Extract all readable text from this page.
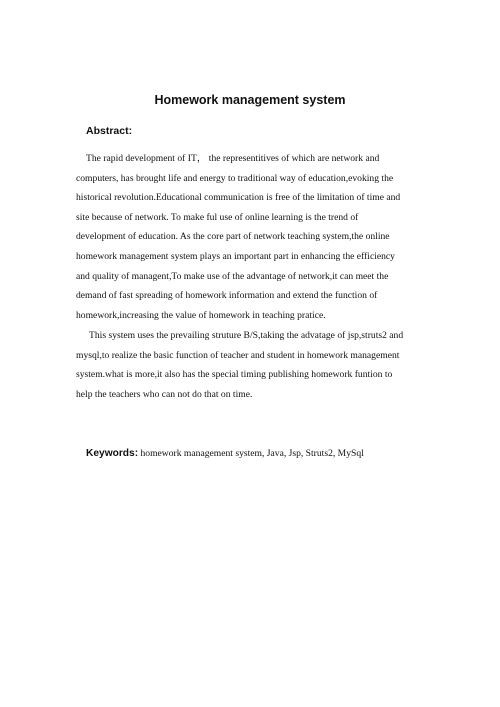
Homework management system
Abstract:
The rapid development of IT， the representitives of which are network and
computers, has brought life and energy to traditional way of education,evoking the
historical revolution.Educational communication is free of the limitation of time and
site because of network. To make ful use of online learning is the trend of
development of education. As the core part of network teaching system,the online
homework management system plays an important part in enhancing the efficiency
and quality of managent,To make use of the advantage of network,it can meet the
demand of fast spreading of homework information and extend the function of
homework,increasing the value of homework in teaching pratice.
This system uses the prevailing struture B/S,taking the advatage of jsp,struts2 and
mysql,to realize the basic function of teacher and student in homework management
system.what is more,it also has the special timing publishing homework funtion to
help the teachers who can not do that on time.
Keywords: homework management system, Java, Jsp, Struts2, MySql
